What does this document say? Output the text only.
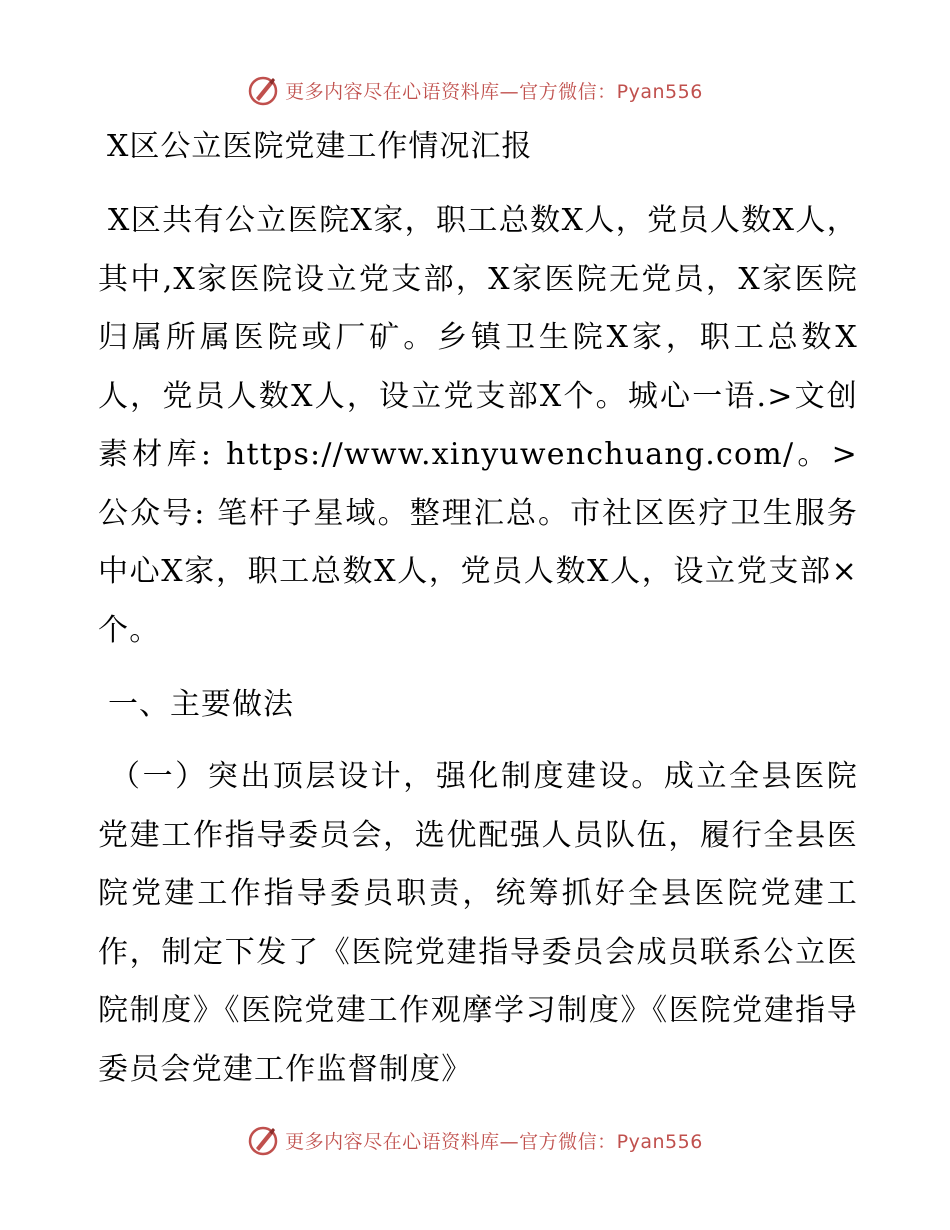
更多内容尽在心语资料库—官方微信：Pyan556
X区公立医院党建工作情况汇报
X区共有公立医院X家，职工总数X人，党员人数X人，其中,X家医院设立党支部，X家医院无党员，X家医院归属所属医院或厂矿。乡镇卫生院X家，职工总数X人，党员人数X人，设立党支部X个。城心一语.>文创素材库: https://www.xinyuwenchuang.com/。>公众号: 笔杆子星域。整理汇总。市社区医疗卫生服务中心X家，职工总数X人，党员人数X人，设立党支部×个。
一、主要做法
（一）突出顶层设计，强化制度建设。成立全县医院党建工作指导委员会，选优配强人员队伍，履行全县医院党建工作指导委员职责，统筹抓好全县医院党建工作，制定下发了《医院党建指导委员会成员联系公立医院制度》《医院党建工作观摩学习制度》《医院党建指导委员会党建工作监督制度》
更多内容尽在心语资料库—官方微信：Pyan556
